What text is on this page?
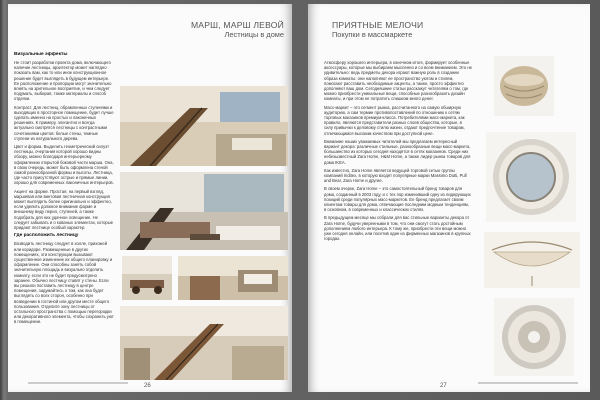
МАРШ, МАРШ ЛЕВОЙ
Лестницы в доме
Визуальные эффекты

Не стоит разработки проекта дома, включающего наличие лестницы, архитектор может наглядно показать вам, как то или иное конструкционное решение будет выглядеть в будущем интерьере. Ее расположение и пропорции могут значительно влиять на зрительное восприятие, и чем следует подумать, выбирая, также материалы и способ отделки.

Контраст. Для лестниц, обрамленных ступенями и выходящих в просторное помещение, будет лучше сделать именно на простых и лаконичных решениях. К примеру, элегантно и всегда актуально смотрятся лестницы с контрастными сочетаниями цветов: белые стены, темные ступени из натурального дерева.

Цвет и форма. Выделить геометрический силуэт лестницы, очертания которой хорошо видны обзору, можно благодаря интерьерному оформлению открытой боковой части марша. Она, в свою очередь, может быть оформлена стеной самой разнообразной формы и высоты. Лестница, где часто присутствуют острые и прямые линии, хорошо для современных лаконичных интерьеров.

Акцент на форме. Простая, на первый взгляд, маршевая или винтовая лестничная конструкция может выглядеть более оригинально и эффектно, если уделить должное внимание форме и внешнему виду перил, ступеней, а также подобрать для них удачное освещение. Не следует забывать и о кованых элементах, которые придают лестнице особый характер.

Где расположить лестницу

Возводить лестницу следует в холле, прихожей или коридоре. Размещенные в других помещениях, эти конструкции вызывают существенное изменение их общего планировку и оформление. Они способны занять собой значительную площадь и визуально отделить комнату, если это не будет предусмотрено заранее. Обычно лестницу ставят у стены. Если вы решили поставить лестницу в центре помещения, задумайтесь о том, как она будет выглядеть со всех сторон, особенно при возведении в гостиной или другом месте общего пользования. Отделите зону лестницы от остального пространства с помощью перегородки или декоративного элемента, чтобы сохранить уют в помещении.

26
ПРИЯТНЫЕ МЕЛОЧИ
Покупки в массмаркете

Атмосферу хорошего интерьера, в конечном итоге, формирует особенные аксессуары, которые мы выбираем мысленно и со всем вниманием. Это не удивительно: ведь предметы декора играют важную роль в создании образа комнаты: они наполняют ее пространство уютом и стилем, помогают расставить необходимые акценты, а также, просто эффектно дополняют ваш дом. Сегодняшние статьи расскажут читателям о том, где можно приобрести уникальные вещи, способные разнообразить дизайн комнаты, и при этом не потратить слишком много денег.

Масс-маркет – это сегмент рынка, рассчитанного на самую обширную аудиторию, а сам термин противопоставлений по отношению к сетям торговых магазинов премиум-класса. Потребителями масс-маркета, как правило, являются представители разных слоев общества, которые, в силу привычки к деловому стилю жизни, отдают предпочтение товарам, отличающимся высоким качеством при доступной цене.

Внимание наших уважаемых читателей мы предлагаем интересный вариант декора: различные стильные, разнообразные вещи масс-маркета, большинство из которых сегодня находятся в сетях магазинов. Среди них небезызвестный Zara Home, H&M Home, а также лидер рынка товаров для дома IKEA.

Как известно, Zara Home является ведущей торговой сетью группы компаний Inditex, в которую входят популярные марки Massimo Dutti, Pull and Bear, Zara Home и другие.

В своем очерке, Zara Home – это самостоятельный бренд товаров для дома, созданный в 2003 году, и с тех пор изменивший одну из лидирующих позиций среди популярных масс-маркетов. Ее бренд предлагает своим клиентам товары для дома, отвечающие последним модным тенденциям, в основном, в современных и классических стилях.

В предыдущем месяце мы собрали для вас стильные варианты декора от Zara Home, будучи уверенными в том, что они смогут стать достойным дополнением любого интерьера. К тому же, приобрести эти вещи можно уже сегодня онлайн, или посетив один из фирменных магазинов в крупных городах.

27
